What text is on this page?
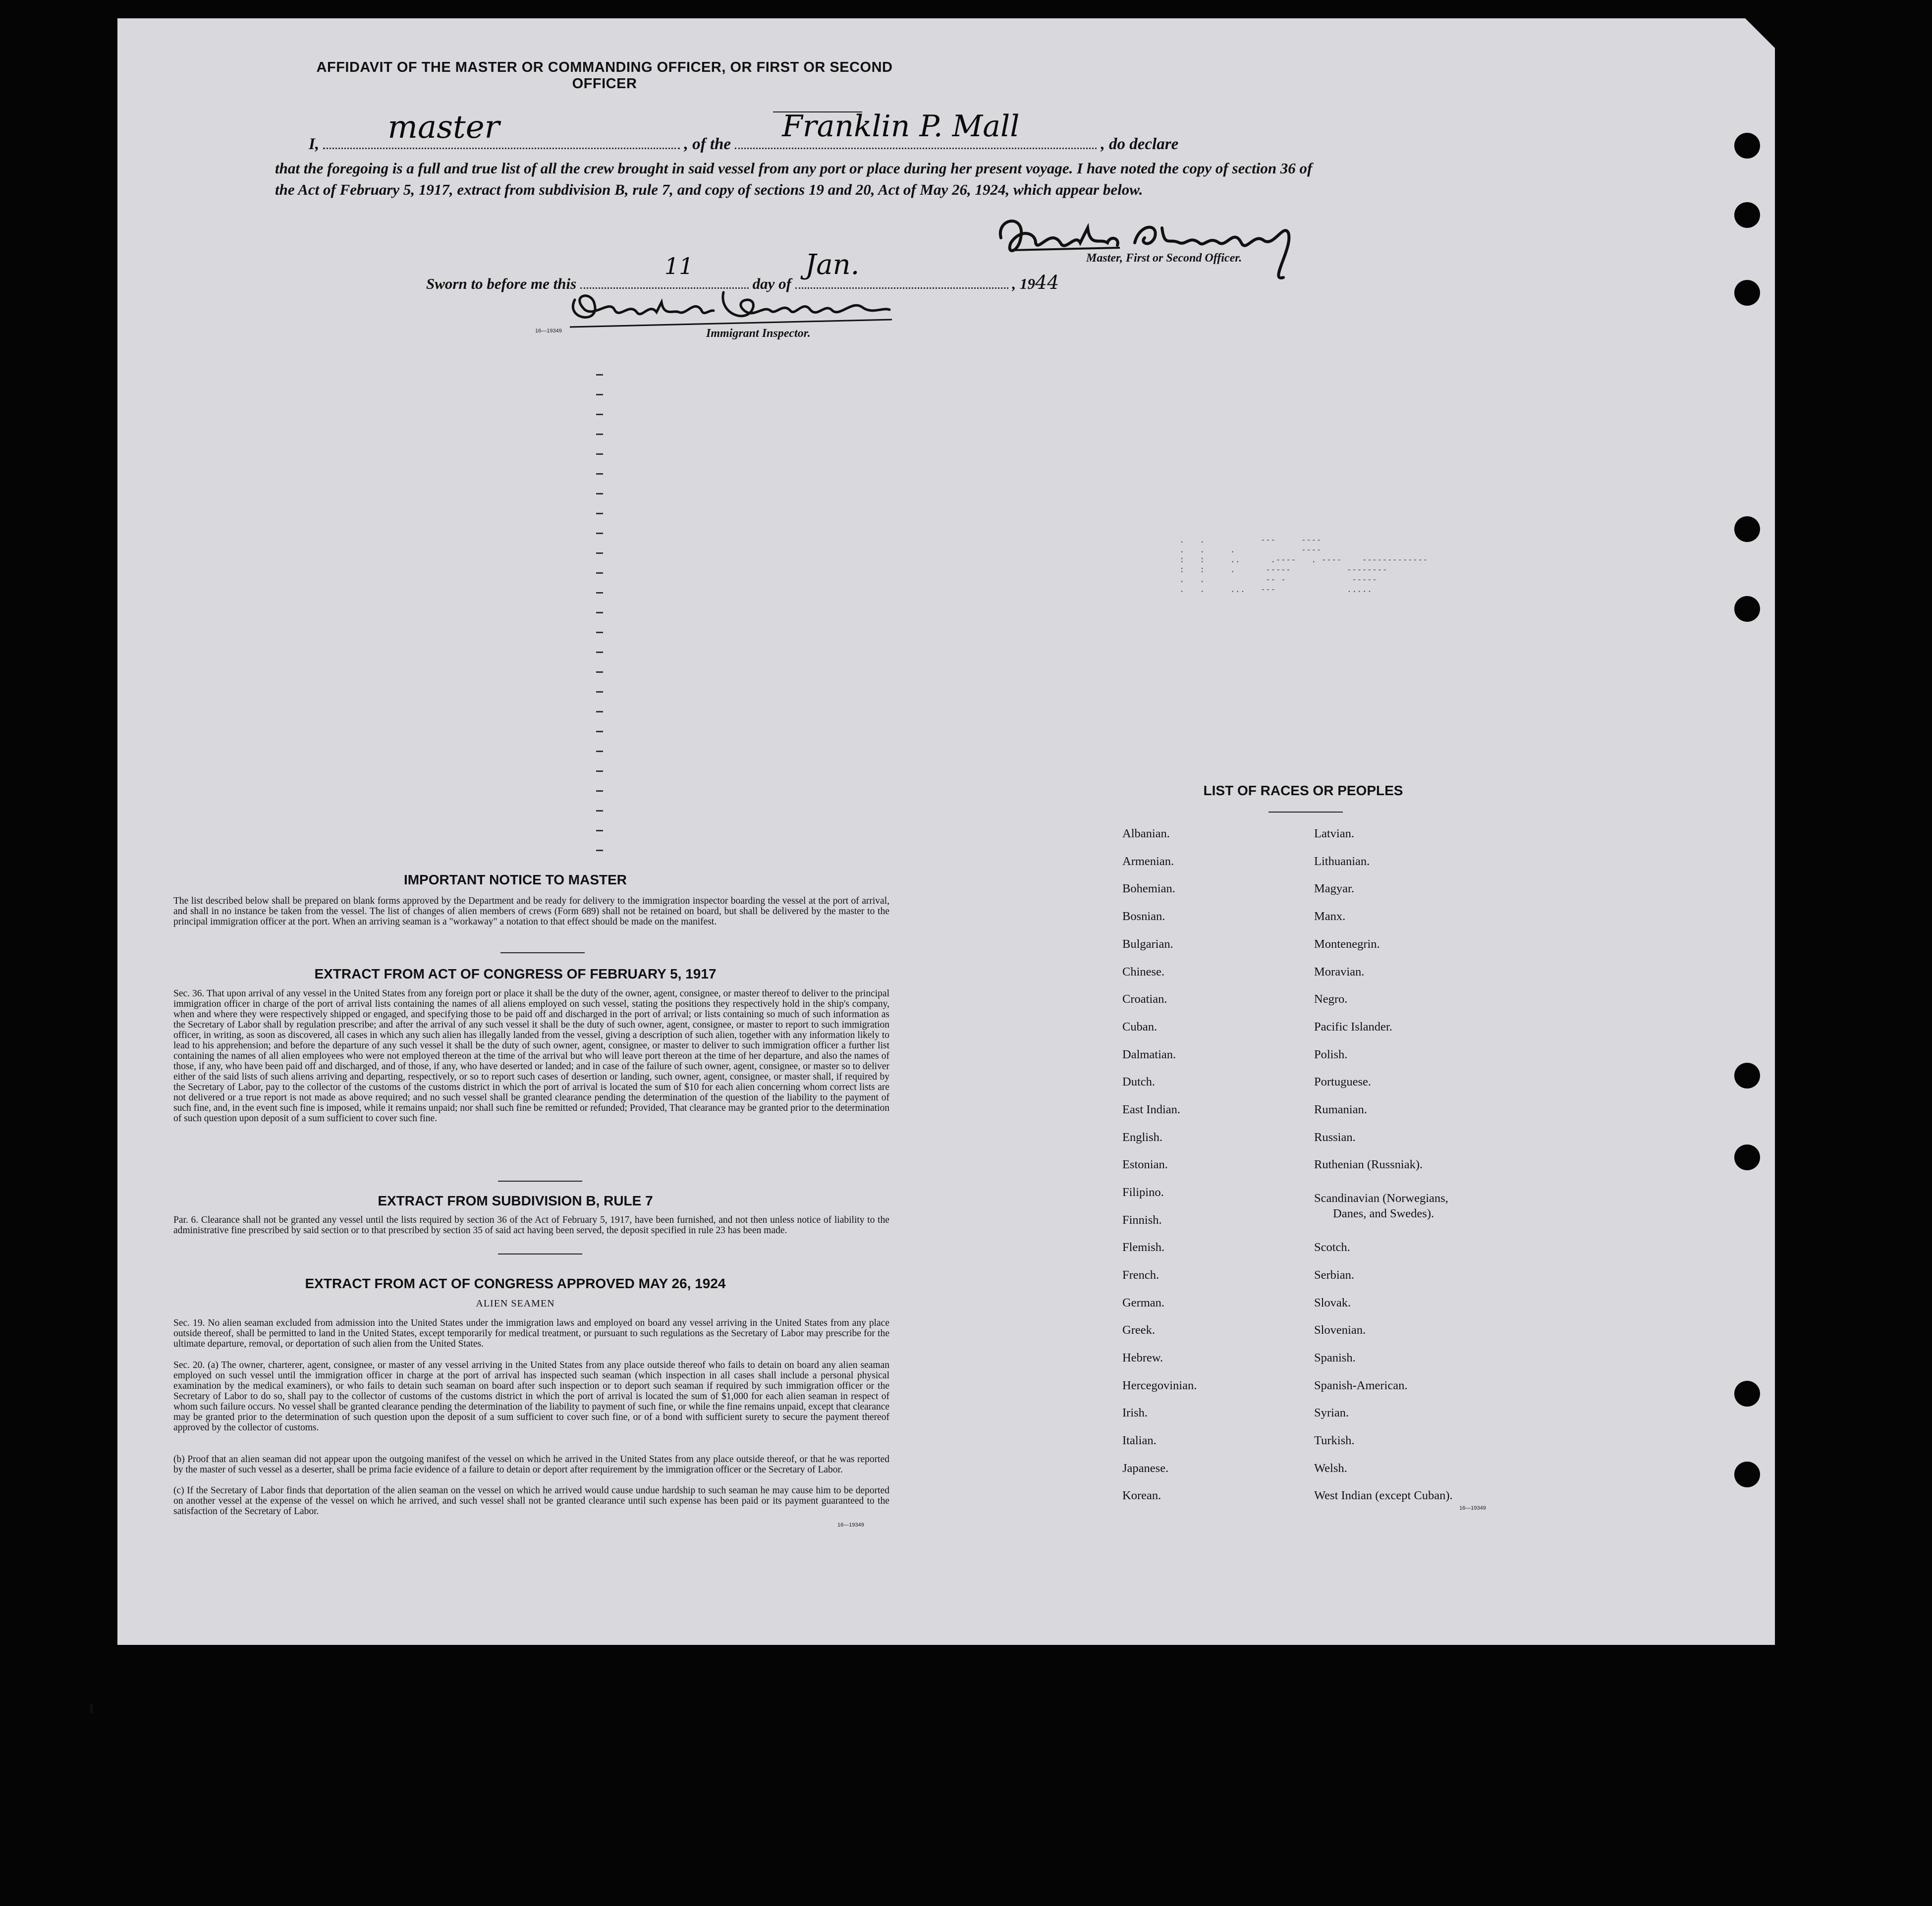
AFFIDAVIT OF THE MASTER OR COMMANDING OFFICER, OR FIRST OR SECOND OFFICER
I, master	, of the
Franklin P. Mall
, do declare
that the foregoing is a full and true list of all the crew brought in said vessel from any port or place during her present voyage. I have noted the copy of section 36 of the Act of February 5, 1917, extract from subdivision B, rule 7, and copy of sections 19 and 20, Act of May 26, 1924, which appear below.
Master, First or Second Officer.
Sworn to before me this
11
day of
Jan.
, 1944
16—19349	Immigrant Inspector.
.   .           ---     ----
.   .     .             ----
:   :     ..      .----   . ----    -------------
:   :     .      -----           --------
.   .            -- -             -----
.   .     ...   ---              .....
IMPORTANT NOTICE TO MASTER
The list described below shall be prepared on blank forms approved by the Department and be ready for delivery to the immigration inspector boarding the vessel at the port of arrival, and shall in no instance be taken from the vessel. The list of changes of alien members of crews (Form 689) shall not be retained on board, but shall be delivered by the master to the principal immigration officer at the port. When an arriving seaman is a "workaway" a notation to that effect should be made on the manifest.
EXTRACT FROM ACT OF CONGRESS OF FEBRUARY 5, 1917
Sec. 36. That upon arrival of any vessel in the United States from any foreign port or place it shall be the duty of the owner, agent, consignee, or master thereof to deliver to the principal immigration officer in charge of the port of arrival lists containing the names of all aliens employed on such vessel, stating the positions they respectively hold in the ship's company, when and where they were respectively shipped or engaged, and specifying those to be paid off and discharged in the port of arrival; or lists containing so much of such information as the Secretary of Labor shall by regulation prescribe; and after the arrival of any such vessel it shall be the duty of such owner, agent, consignee, or master to report to such immigration officer, in writing, as soon as discovered, all cases in which any such alien has illegally landed from the vessel, giving a description of such alien, together with any information likely to lead to his apprehension; and before the departure of any such vessel it shall be the duty of such owner, agent, consignee, or master to deliver to such immigration officer a further list containing the names of all alien employees who were not employed thereon at the time of the arrival but who will leave port thereon at the time of her departure, and also the names of those, if any, who have been paid off and discharged, and of those, if any, who have deserted or landed; and in case of the failure of such owner, agent, consignee, or master so to deliver either of the said lists of such aliens arriving and departing, respectively, or so to report such cases of desertion or landing, such owner, agent, consignee, or master shall, if required by the Secretary of Labor, pay to the collector of the customs of the customs district in which the port of arrival is located the sum of $10 for each alien concerning whom correct lists are not delivered or a true report is not made as above required; and no such vessel shall be granted clearance pending the determination of the question of the liability to the payment of such fine, and, in the event such fine is imposed, while it remains unpaid; nor shall such fine be remitted or refunded; Provided, That clearance may be granted prior to the determination of such question upon deposit of a sum sufficient to cover such fine.
EXTRACT FROM SUBDIVISION B, RULE 7
Par. 6. Clearance shall not be granted any vessel until the lists required by section 36 of the Act of February 5, 1917, have been furnished, and not then unless notice of liability to the administrative fine prescribed by said section or to that prescribed by section 35 of said act having been served, the deposit specified in rule 23 has been made.
EXTRACT FROM ACT OF CONGRESS APPROVED MAY 26, 1924
ALIEN SEAMEN
Sec. 19. No alien seaman excluded from admission into the United States under the immigration laws and employed on board any vessel arriving in the United States from any place outside thereof, shall be permitted to land in the United States, except temporarily for medical treatment, or pursuant to such regulations as the Secretary of Labor may prescribe for the ultimate departure, removal, or deportation of such alien from the United States.
Sec. 20. (a) The owner, charterer, agent, consignee, or master of any vessel arriving in the United States from any place outside thereof who fails to detain on board any alien seaman employed on such vessel until the immigration officer in charge at the port of arrival has inspected such seaman (which inspection in all cases shall include a personal physical examination by the medical examiners), or who fails to detain such seaman on board after such inspection or to deport such seaman if required by such immigration officer or the Secretary of Labor to do so, shall pay to the collector of customs of the customs district in which the port of arrival is located the sum of $1,000 for each alien seaman in respect of whom such failure occurs. No vessel shall be granted clearance pending the determination of the liability to payment of such fine, or while the fine remains unpaid, except that clearance may be granted prior to the determination of such question upon the deposit of a sum sufficient to cover such fine, or of a bond with sufficient surety to secure the payment thereof approved by the collector of customs.
(b) Proof that an alien seaman did not appear upon the outgoing manifest of the vessel on which he arrived in the United States from any place outside thereof, or that he was reported by the master of such vessel as a deserter, shall be prima facie evidence of a failure to detain or deport after requirement by the immigration officer or the Secretary of Labor.
(c) If the Secretary of Labor finds that deportation of the alien seaman on the vessel on which he arrived would cause undue hardship to such seaman he may cause him to be deported on another vessel at the expense of the vessel on which he arrived, and such vessel shall not be granted clearance until such expense has been paid or its payment guaranteed to the satisfaction of the Secretary of Labor.
16—19349
LIST OF RACES OR PEOPLES
Albanian.
Armenian.
Bohemian.
Bosnian.
Bulgarian.
Chinese.
Croatian.
Cuban.
Dalmatian.
Dutch.
East Indian.
English.
Estonian.
Filipino.
Finnish.
Flemish.
French.
German.
Greek.
Hebrew.
Hercegovinian.
Irish.
Italian.
Japanese.
Korean.
Latvian.
Lithuanian.
Magyar.
Manx.
Montenegrin.
Moravian.
Negro.
Pacific Islander.
Polish.
Portuguese.
Rumanian.
Russian.
Ruthenian (Russniak).
Scandinavian (Norwegians,
Danes, and Swedes).
Scotch.
Serbian.
Slovak.
Slovenian.
Spanish.
Spanish-American.
Syrian.
Turkish.
Welsh.
West Indian (except Cuban).
16—19349
